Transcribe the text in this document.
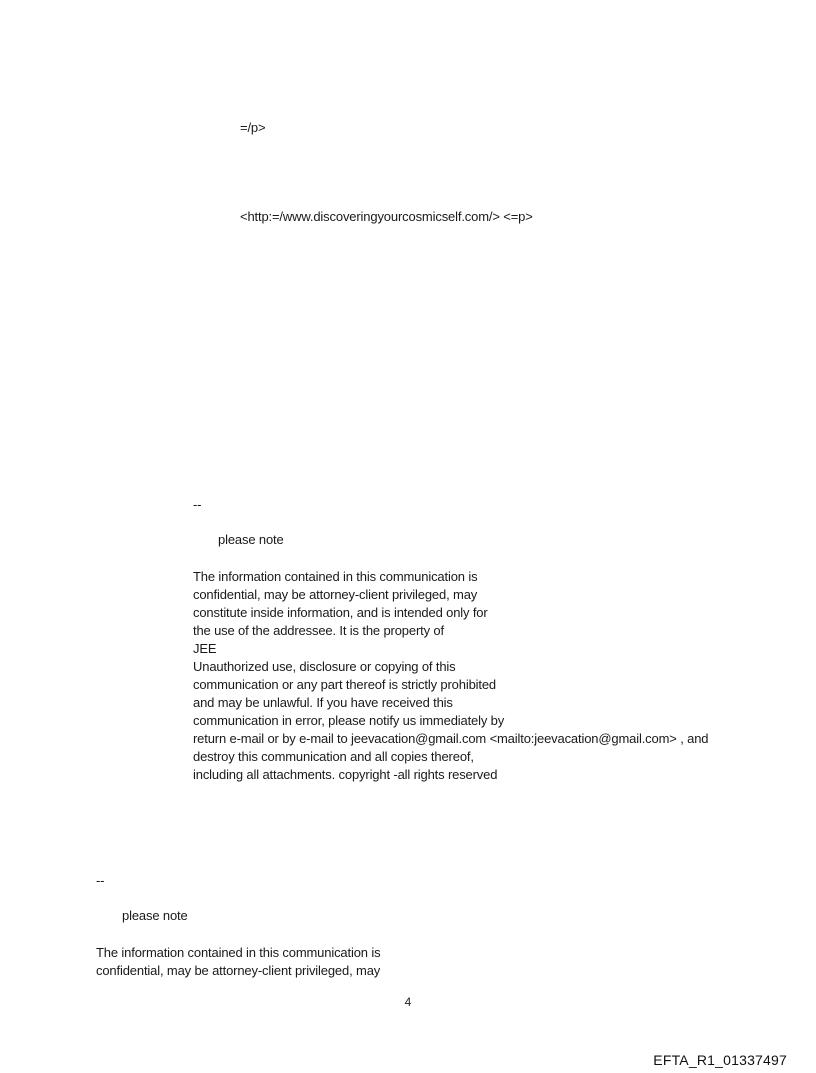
=/p>
<http:=/www.discoveringyourcosmicself.com/> <=p>
--
please note
The information contained in this communication is
confidential, may be attorney-client privileged, may
constitute inside information, and is intended only for
the use of the addressee. It is the property of
JEE
Unauthorized use, disclosure or copying of this
communication or any part thereof is strictly prohibited
and may be unlawful. If you have received this
communication in error, please notify us immediately by
return e-mail or by e-mail to jeevacation@gmail.com <mailto:jeevacation@gmail.com> , and
destroy this communication and all copies thereof,
including all attachments. copyright -all rights reserved
--
please note
The information contained in this communication is
confidential, may be attorney-client privileged, may
4
EFTA_R1_01337497
